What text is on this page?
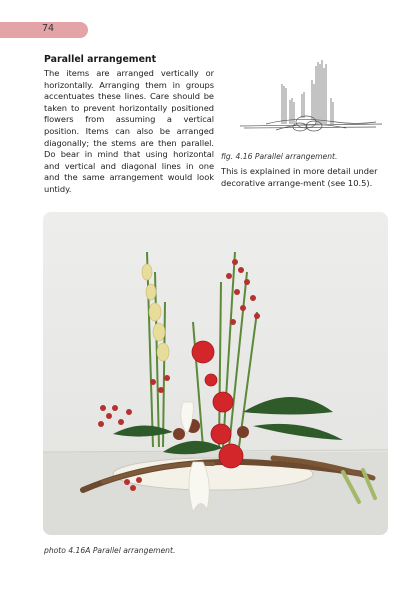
74

Parallel arrangement

The items are arranged vertically or horizontally. Arranging them in groups accentuates these lines. Care should be taken to prevent horizontally positioned flowers from assuming a vertical position. Items can also be arranged diagonally; the stems are then parallel. Do bear in mind that using horizontal and vertical and diagonal lines in one and the same arrangement would look untidy.

fig. 4.16 Parallel arrangement.

This is explained in more detail under decorative arrange-ment (see 10.5).

photo 4.16A Parallel arrangement.
